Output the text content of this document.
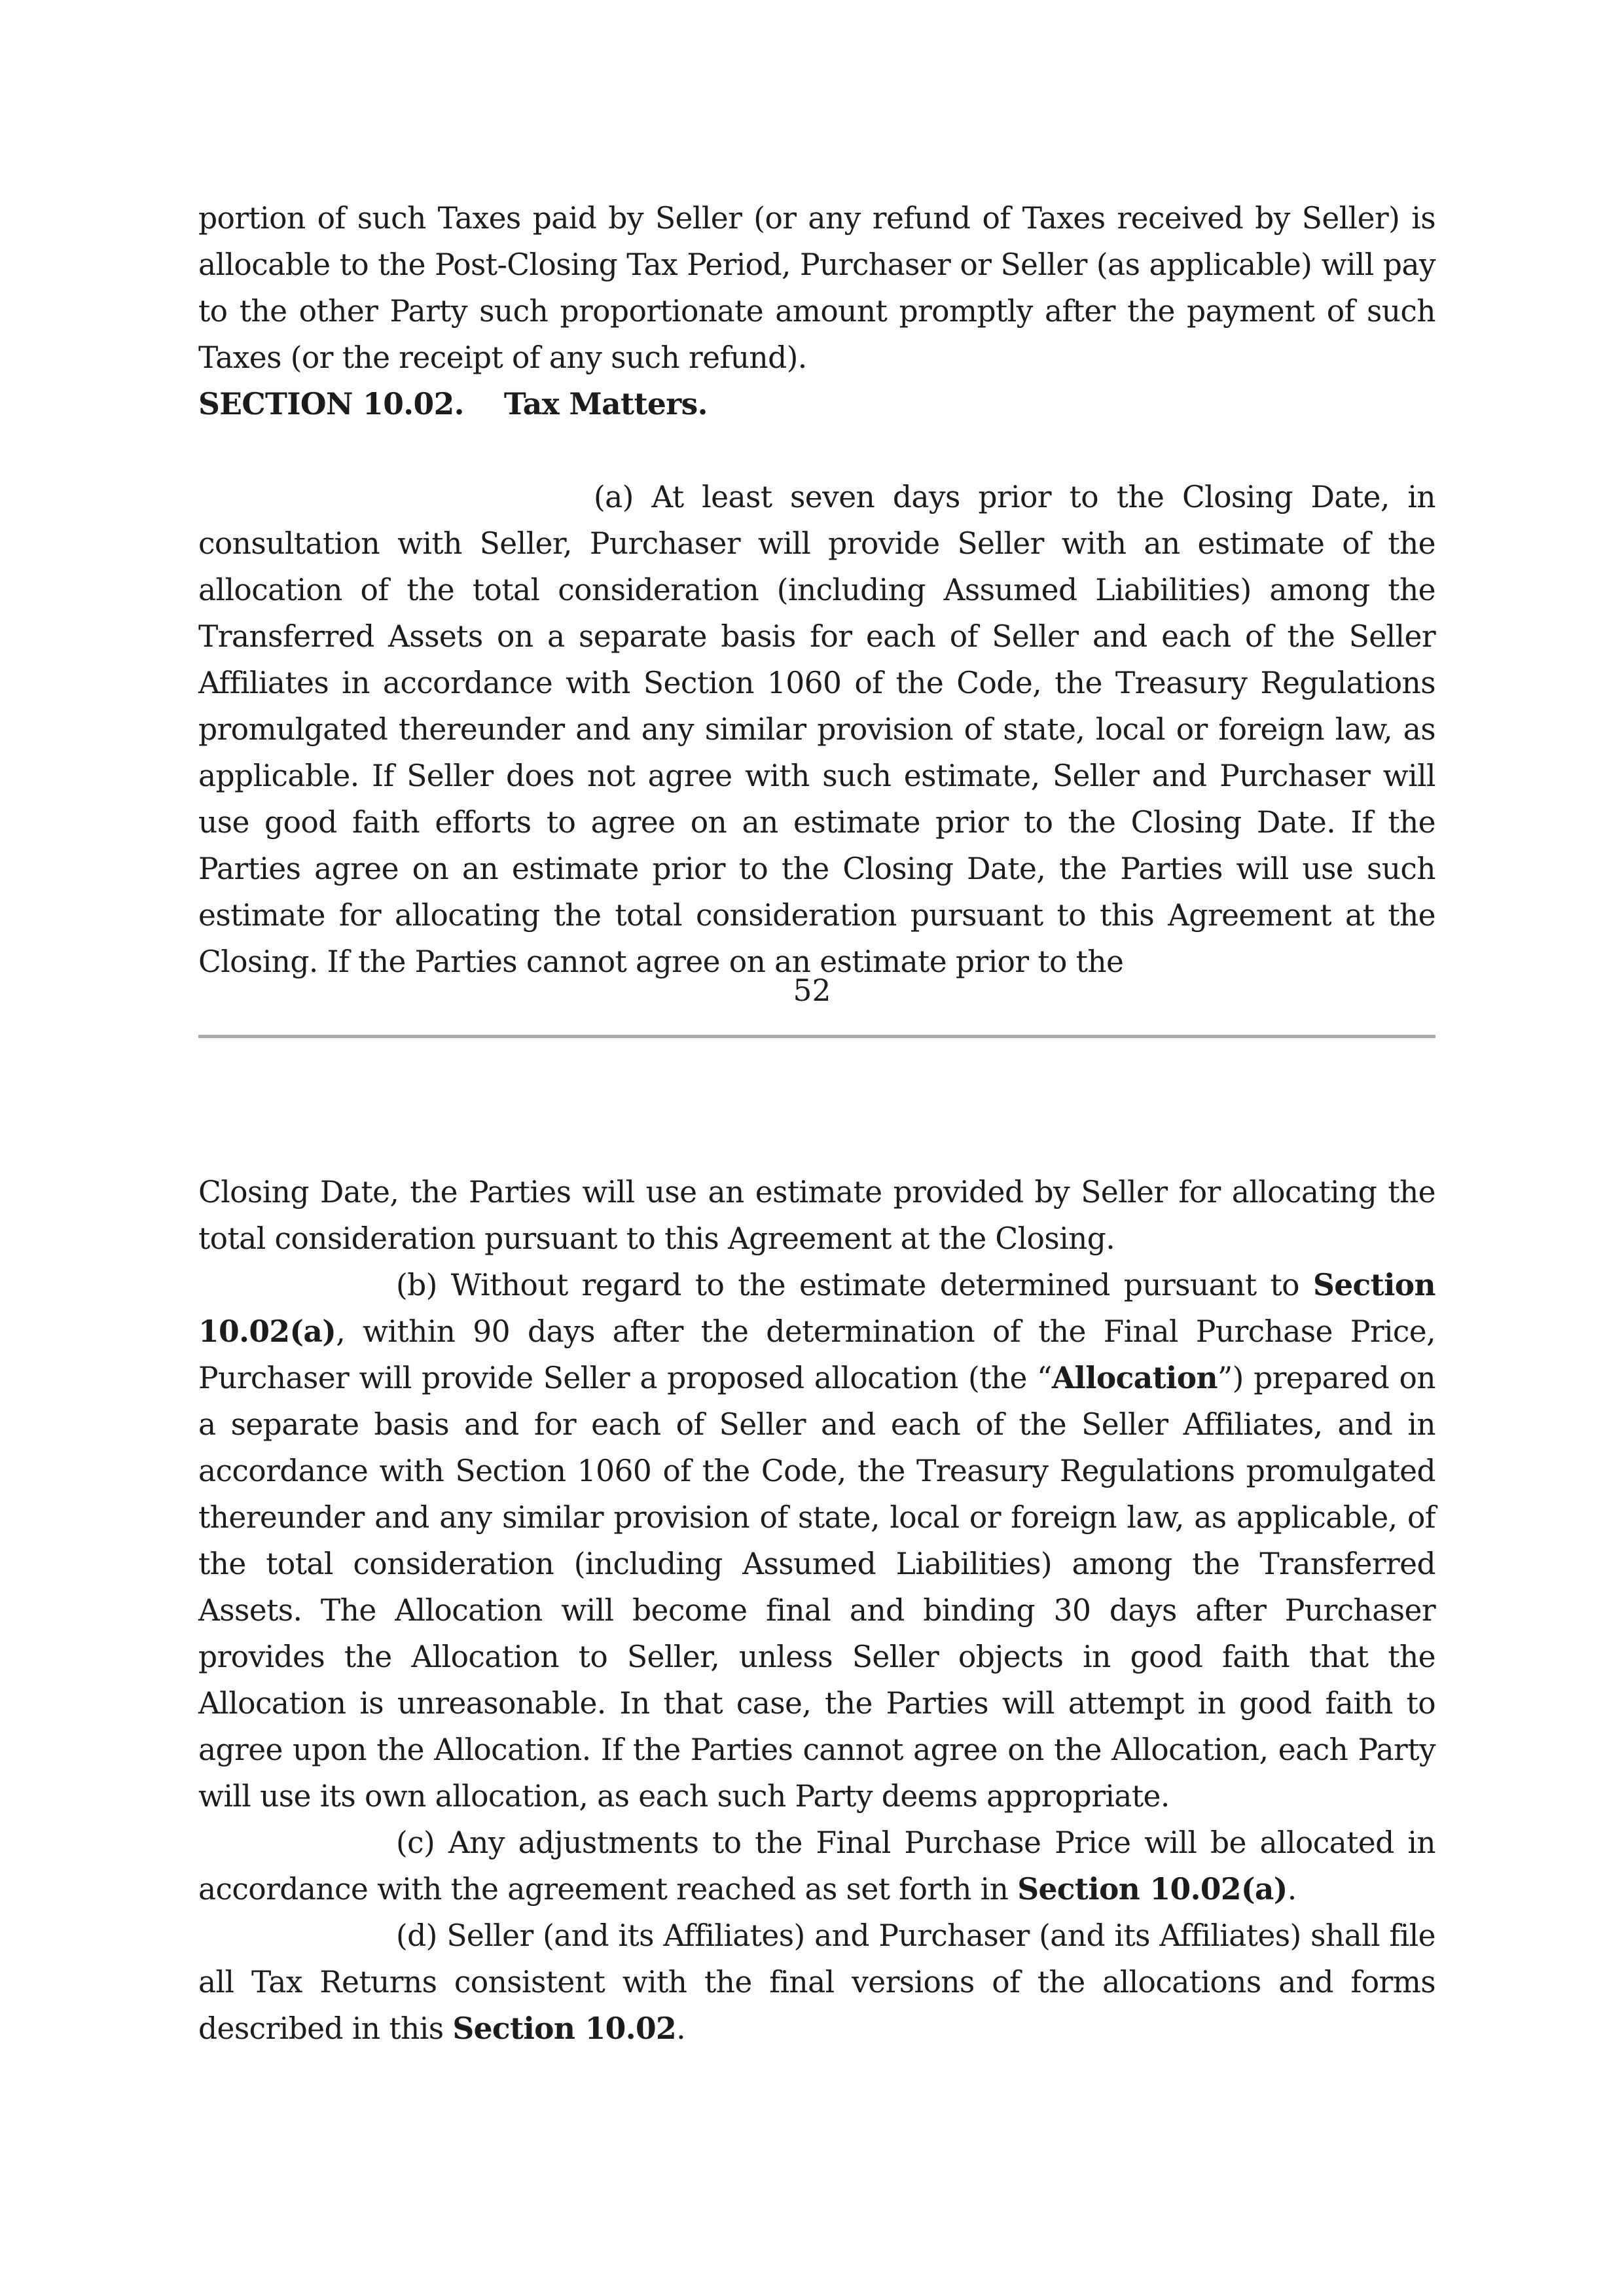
portion of such Taxes paid by Seller (or any refund of Taxes received by Seller) is allocable to the Post-Closing Tax Period, Purchaser or Seller (as applicable) will pay to the other Party such proportionate amount promptly after the payment of such Taxes (or the receipt of any such refund).

SECTION 10.02.    Tax Matters.

(a) At least seven days prior to the Closing Date, in consultation with Seller, Purchaser will provide Seller with an estimate of the allocation of the total consideration (including Assumed Liabilities) among the Transferred Assets on a separate basis for each of Seller and each of the Seller Affiliates in accordance with Section 1060 of the Code, the Treasury Regulations promulgated thereunder and any similar provision of state, local or foreign law, as applicable. If Seller does not agree with such estimate, Seller and Purchaser will use good faith efforts to agree on an estimate prior to the Closing Date. If the Parties agree on an estimate prior to the Closing Date, the Parties will use such estimate for allocating the total consideration pursuant to this Agreement at the Closing. If the Parties cannot agree on an estimate prior to the

52

Closing Date, the Parties will use an estimate provided by Seller for allocating the total consideration pursuant to this Agreement at the Closing.

(b) Without regard to the estimate determined pursuant to Section 10.02(a), within 90 days after the determination of the Final Purchase Price, Purchaser will provide Seller a proposed allocation (the “Allocation”) prepared on a separate basis and for each of Seller and each of the Seller Affiliates, and in accordance with Section 1060 of the Code, the Treasury Regulations promulgated thereunder and any similar provision of state, local or foreign law, as applicable, of the total consideration (including Assumed Liabilities) among the Transferred Assets. The Allocation will become final and binding 30 days after Purchaser provides the Allocation to Seller, unless Seller objects in good faith that the Allocation is unreasonable. In that case, the Parties will attempt in good faith to agree upon the Allocation. If the Parties cannot agree on the Allocation, each Party will use its own allocation, as each such Party deems appropriate.

(c) Any adjustments to the Final Purchase Price will be allocated in accordance with the agreement reached as set forth in Section 10.02(a).

(d) Seller (and its Affiliates) and Purchaser (and its Affiliates) shall file all Tax Returns consistent with the final versions of the allocations and forms described in this Section 10.02.
